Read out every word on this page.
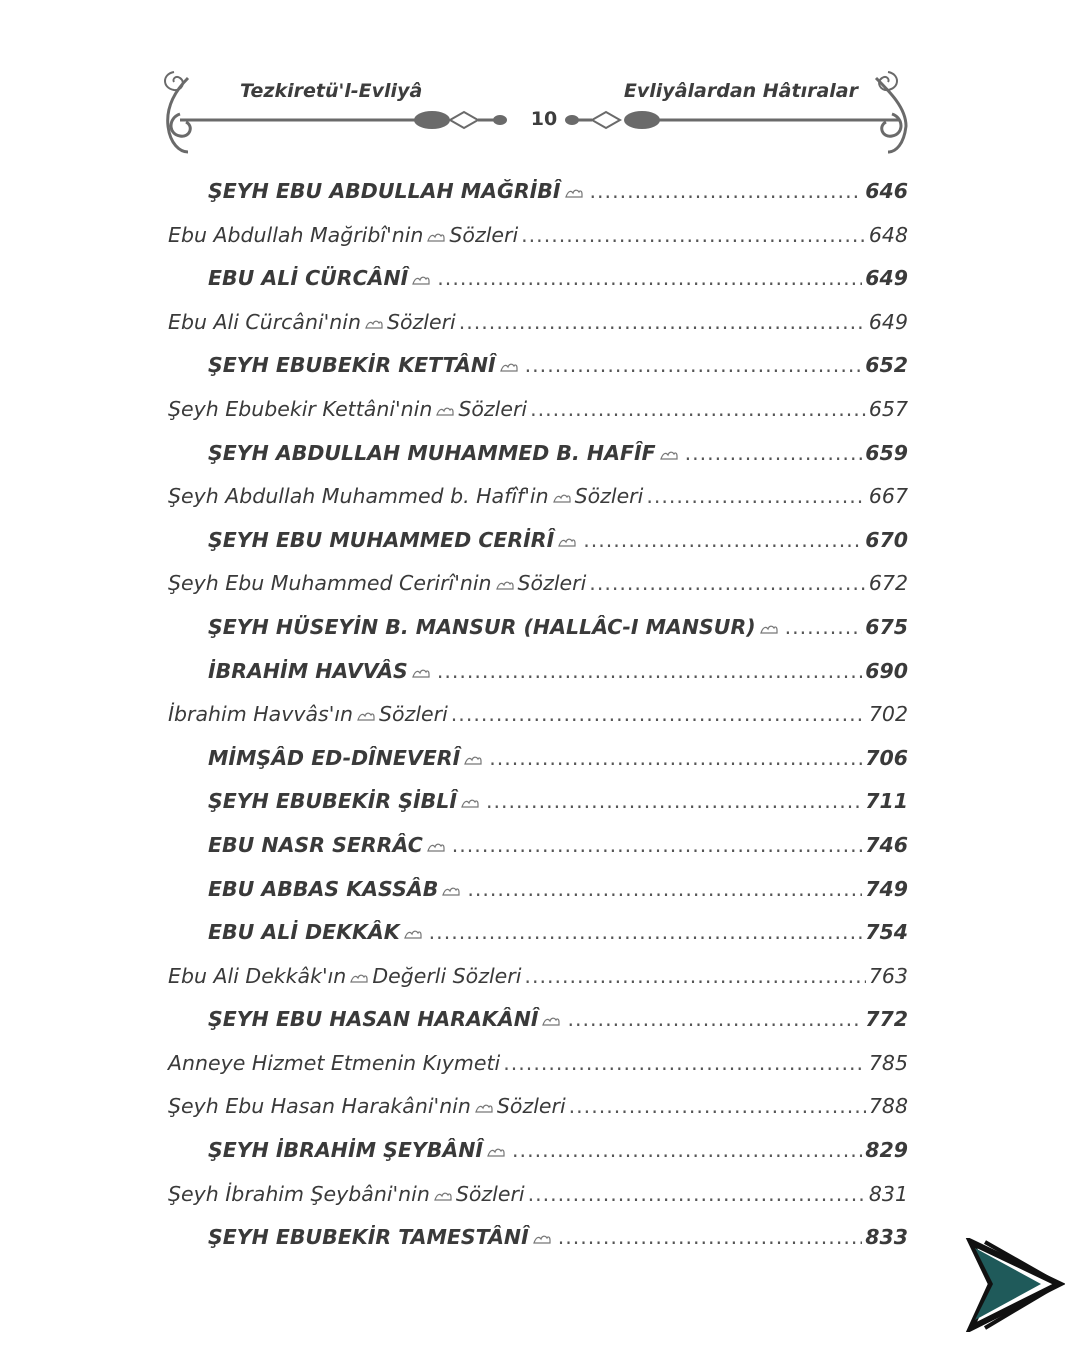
Tezkiretü'l-Evliyâ
10
Evliyâlardan Hâtıralar
ŞEYH EBU ABDULLAH MAĞRİBÎ .....	646
Ebu Abdullah Mağribî'nin Sözleri .....	648
EBU ALİ CÜRCÂNÎ .....	649
Ebu Ali Cürcâni'nin Sözleri .....	649
ŞEYH EBUBEKİR KETTÂNÎ .....	652
Şeyh Ebubekir Kettâni'nin Sözleri .....	657
ŞEYH ABDULLAH MUHAMMED B. HAFÎF .....	659
Şeyh Abdullah Muhammed b. Hafîf'in Sözleri .....	667
ŞEYH EBU MUHAMMED CERİRÎ .....	670
Şeyh Ebu Muhammed Cerirî'nin Sözleri .....	672
ŞEYH HÜSEYİN B. MANSUR (HALLÂC-I MANSUR) .....	675
İBRAHİM HAVVÂS .....	690
İbrahim Havvâs'ın Sözleri .....	702
MİMŞÂD ED-DÎNEVERÎ .....	706
ŞEYH EBUBEKİR ŞİBLÎ .....	711
EBU NASR SERRÂC .....	746
EBU ABBAS KASSÂB .....	749
EBU ALİ DEKKÂK .....	754
Ebu Ali Dekkâk'ın Değerli Sözleri .....	763
ŞEYH EBU HASAN HARAKÂNÎ .....	772
Anneye Hizmet Etmenin Kıymeti .....	785
Şeyh Ebu Hasan Harakâni'nin Sözleri .....	788
ŞEYH İBRAHİM ŞEYBÂNÎ .....	829
Şeyh İbrahim Şeybâni'nin Sözleri .....	831
ŞEYH EBUBEKİR TAMESTÂNÎ .....	833
